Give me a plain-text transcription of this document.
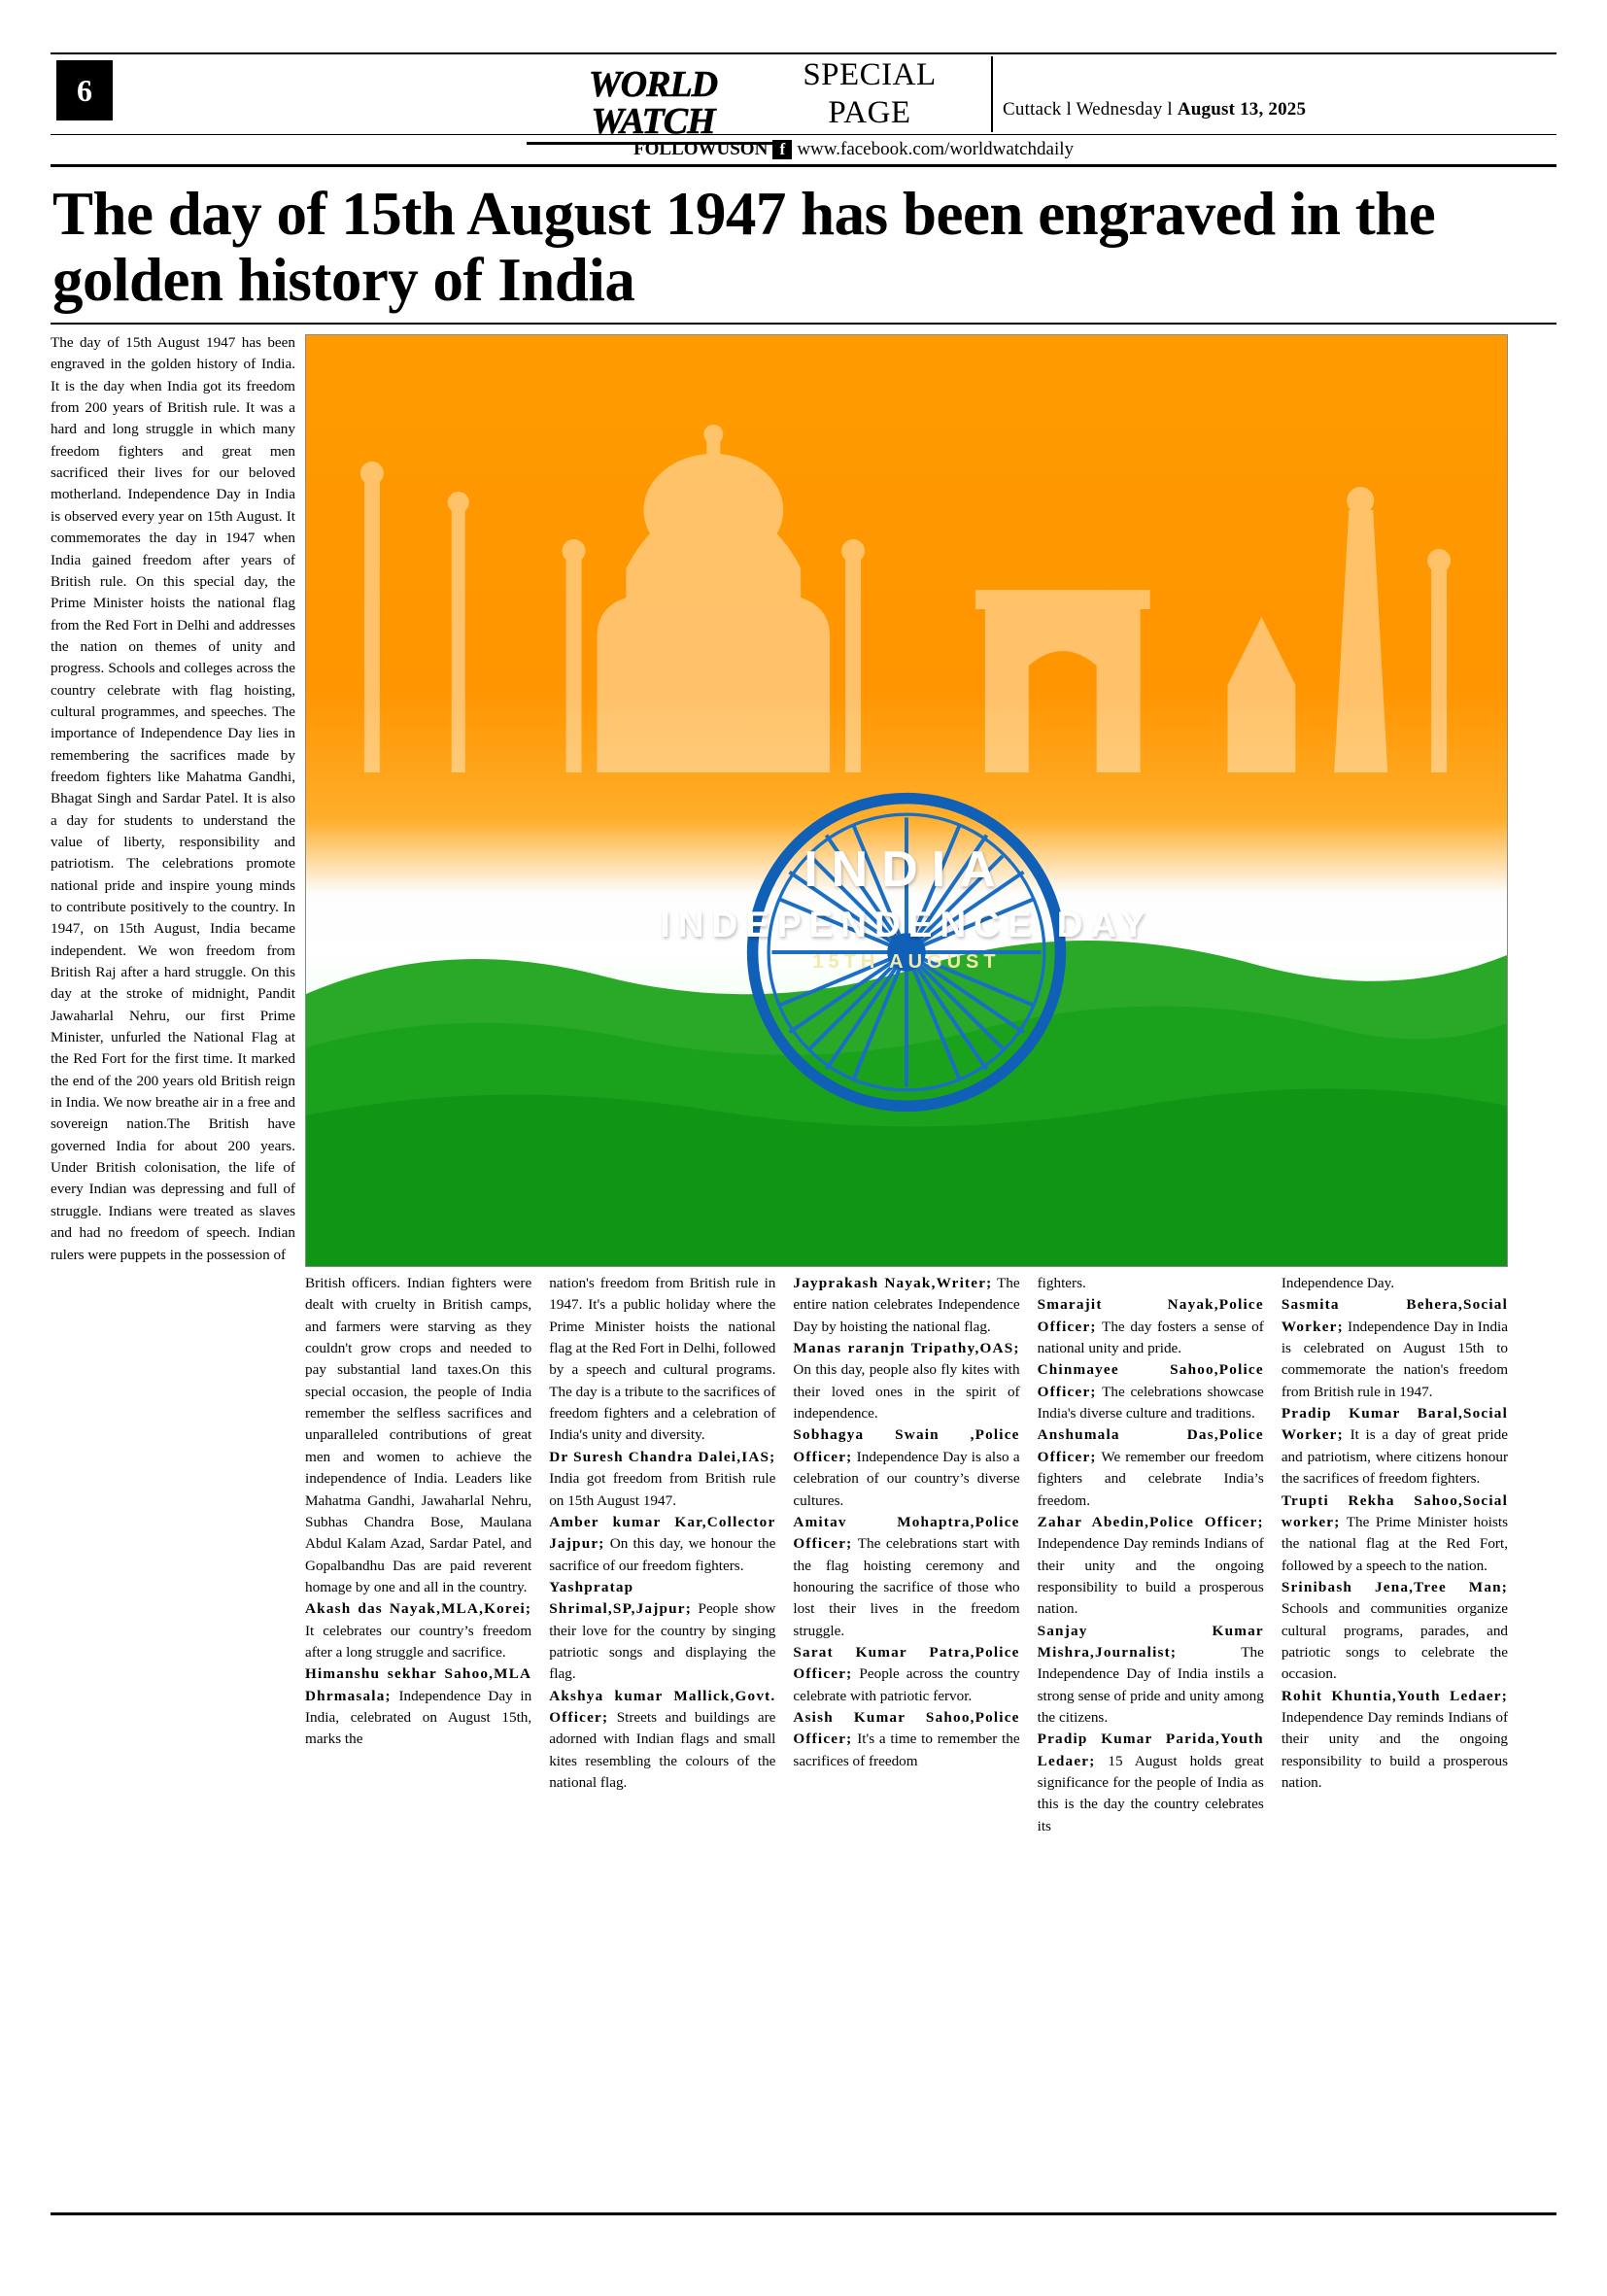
6	WORLD WATCH
SPECIAL
PAGE	Cuttack l Wednesday l August 13, 2025
FOLLOWUSON f www.facebook.com/worldwatchdaily
The day of 15th August 1947 has been engraved in the golden history of India

The day of 15th August 1947 has been engraved in the golden history of India. It is the day when India got its freedom from 200 years of British rule. It was a hard and long struggle in which many freedom fighters and great men sacrificed their lives for our beloved motherland. Independence Day in India is observed every year on 15th August. It commemorates the day in 1947 when India gained freedom after years of British rule. On this special day, the Prime Minister hoists the national flag from the Red Fort in Delhi and addresses the nation on themes of unity and progress. Schools and colleges across the country celebrate with flag hoisting, cultural programmes, and speeches. The importance of Independence Day lies in remembering the sacrifices made by freedom fighters like Mahatma Gandhi, Bhagat Singh and Sardar Patel. It is also a day for students to understand the value of liberty, responsibility and patriotism. The celebrations promote national pride and inspire young minds to contribute positively to the country. In 1947, on 15th August, India became independent. We won freedom from British Raj after a hard struggle. On this day at the stroke of midnight, Pandit Jawaharlal Nehru, our first Prime Minister, unfurled the National Flag at the Red Fort for the first time. It marked the end of the 200 years old British reign in India. We now breathe air in a free and sovereign nation.The British have governed India for about 200 years. Under British colonisation, the life of every Indian was depressing and full of struggle. Indians were treated as slaves and had no freedom of speech. Indian rulers were puppets in the possession of

INDIA
INDEPENDENCE DAY
15TH AUGUST

British officers. Indian fighters were dealt with cruelty in British camps, and farmers were starving as they couldn't grow crops and needed to pay substantial land taxes.On this special occasion, the people of India remember the selfless sacrifices and unparalleled contributions of great men and women to achieve the independence of India. Leaders like Mahatma Gandhi, Jawaharlal Nehru, Subhas Chandra Bose, Maulana Abdul Kalam Azad, Sardar Patel, and Gopalbandhu Das are paid reverent homage by one and all in the country.

Akash das Nayak,MLA,Korei; It celebrates our country’s freedom after a long struggle and sacrifice.

Himanshu sekhar Sahoo,MLA Dhrmasala; Independence Day in India, celebrated on August 15th, marks the

nation's freedom from British rule in 1947. It's a public holiday where the Prime Minister hoists the national flag at the Red Fort in Delhi, followed by a speech and cultural programs. The day is a tribute to the sacrifices of freedom fighters and a celebration of India's unity and diversity.

Dr Suresh Chandra Dalei,IAS; India got freedom from British rule on 15th August 1947.

Amber kumar Kar,Collector Jajpur; On this day, we honour the sacrifice of our freedom fighters.

Yashpratap Shrimal,SP,Jajpur; People show their love for the country by singing patriotic songs and displaying the flag.

Akshya kumar Mallick,Govt. Officer; Streets and buildings are adorned with Indian flags and small kites resembling the colours of the national flag.

Jayprakash Nayak,Writer; The entire nation celebrates Independence Day by hoisting the national flag.

Manas raranjn Tripathy,OAS; On this day, people also fly kites with their loved ones in the spirit of independence.

Sobhagya Swain ,Police Officer; Independence Day is also a celebration of our country’s diverse cultures.

Amitav Mohaptra,Police Officer; The celebrations start with the flag hoisting ceremony and honouring the sacrifice of those who lost their lives in the freedom struggle.

Sarat Kumar Patra,Police Officer; People across the country celebrate with patriotic fervor.

Asish Kumar Sahoo,Police Officer; It's a time to remember the sacrifices of freedom

fighters.

Smarajit Nayak,Police Officer; The day fosters a sense of national unity and pride.

Chinmayee Sahoo,Police Officer; The celebrations showcase India's diverse culture and traditions.

Anshumala Das,Police Officer; We remember our freedom fighters and celebrate India’s freedom.

Zahar Abedin,Police Officer; Independence Day reminds Indians of their unity and the ongoing responsibility to build a prosperous nation.

Sanjay Kumar Mishra,Journalist; The Independence Day of India instils a strong sense of pride and unity among the citizens.

Pradip Kumar Parida,Youth Ledaer; 15 August holds great significance for the people of India as this is the day the country celebrates its

Independence Day.

Sasmita Behera,Social Worker; Independence Day in India is celebrated on August 15th to commemorate the nation's freedom from British rule in 1947.

Pradip Kumar Baral,Social Worker; It is a day of great pride and patriotism, where citizens honour the sacrifices of freedom fighters.

Trupti Rekha Sahoo,Social worker; The Prime Minister hoists the national flag at the Red Fort, followed by a speech to the nation.

Srinibash Jena,Tree Man; Schools and communities organize cultural programs, parades, and patriotic songs to celebrate the occasion.

Rohit Khuntia,Youth Ledaer; Independence Day reminds Indians of their unity and the ongoing responsibility to build a prosperous nation.
